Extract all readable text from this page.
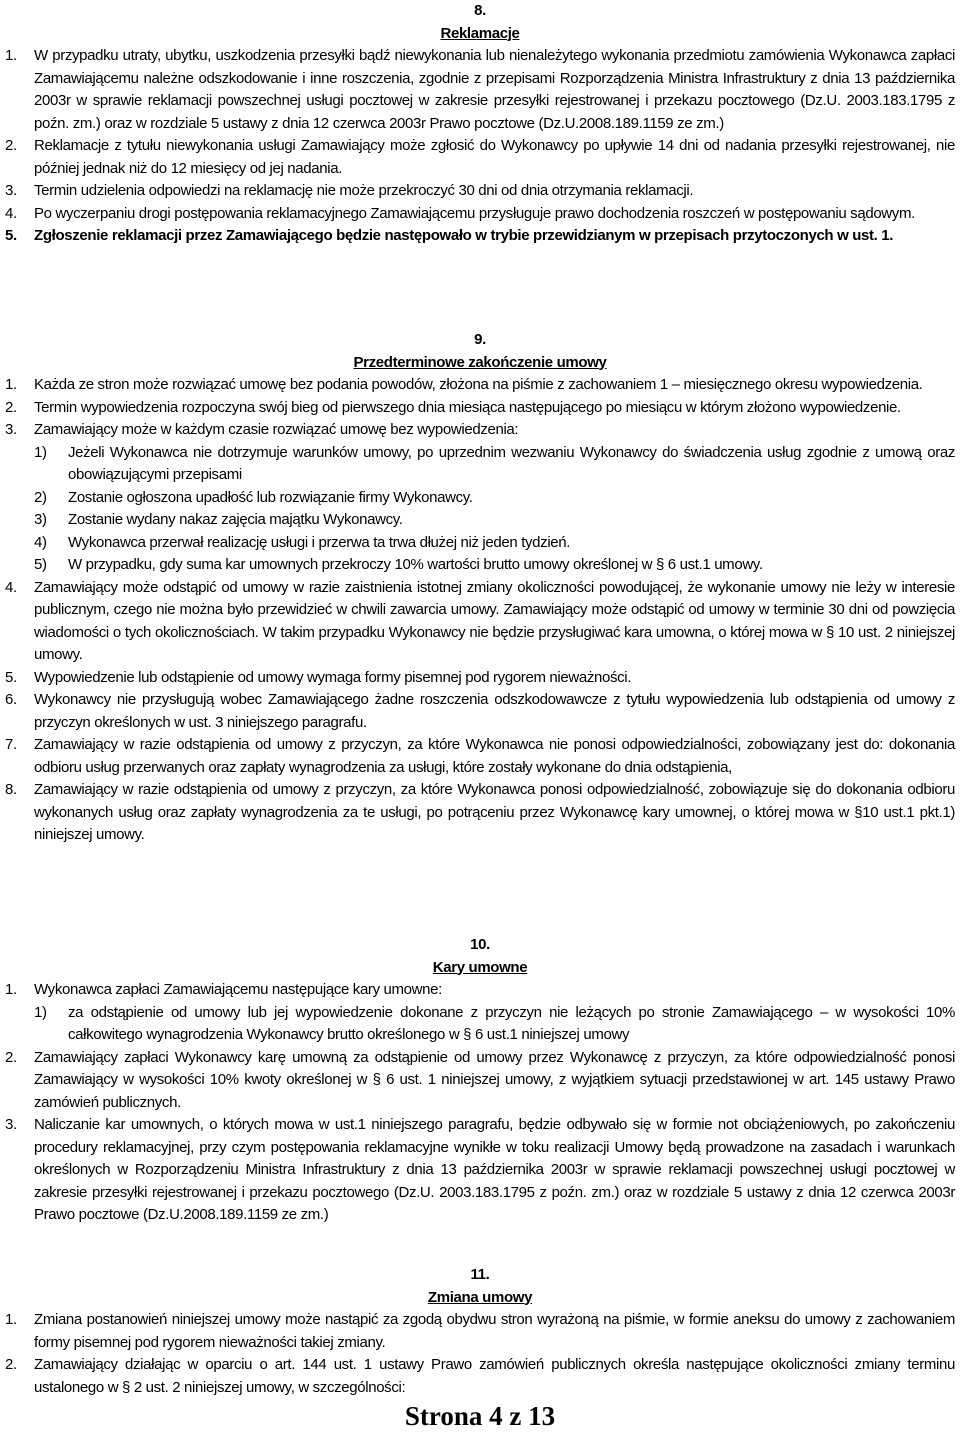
8.
Reklamacje
1. W przypadku utraty, ubytku, uszkodzenia przesyłki bądź niewykonania lub nienależytego wykonania przedmiotu zamówienia Wykonawca zapłaci Zamawiającemu należne odszkodowanie i inne roszczenia, zgodnie z przepisami Rozporządzenia Ministra Infrastruktury z dnia 13 października 2003r w sprawie reklamacji powszechnej usługi pocztowej w zakresie przesyłki rejestrowanej i przekazu pocztowego (Dz.U. 2003.183.1795 z poźn. zm.) oraz w rozdziale 5 ustawy z dnia 12 czerwca 2003r Prawo pocztowe (Dz.U.2008.189.1159 ze zm.)
2. Reklamacje z tytułu niewykonania usługi Zamawiający może zgłosić do Wykonawcy po upływie 14 dni od nadania przesyłki rejestrowanej, nie później jednak niż do 12 miesięcy od jej nadania.
3. Termin udzielenia odpowiedzi na reklamację nie może przekroczyć 30 dni od dnia otrzymania reklamacji.
4. Po wyczerpaniu drogi postępowania reklamacyjnego Zamawiającemu przysługuje prawo dochodzenia roszczeń w postępowaniu sądowym.
5. Zgłoszenie reklamacji przez Zamawiającego będzie następowało w trybie przewidzianym w przepisach przytoczonych w ust. 1.
9.
Przedterminowe zakończenie umowy
1. Każda ze stron może rozwiązać umowę bez podania powodów, złożona na piśmie z zachowaniem 1 – miesięcznego okresu wypowiedzenia.
2. Termin wypowiedzenia rozpoczyna swój bieg od pierwszego dnia miesiąca następującego po miesiącu w którym złożono wypowiedzenie.
3. Zamawiający może w każdym czasie rozwiązać umowę bez wypowiedzenia:
1) Jeżeli Wykonawca nie dotrzymuje warunków umowy, po uprzednim wezwaniu Wykonawcy do świadczenia usług zgodnie z umową oraz obowiązującymi przepisami
2) Zostanie ogłoszona upadłość lub rozwiązanie firmy Wykonawcy.
3) Zostanie wydany nakaz zajęcia majątku Wykonawcy.
4) Wykonawca przerwał realizację usługi i przerwa ta trwa dłużej niż jeden tydzień.
5) W przypadku, gdy suma kar umownych przekroczy 10% wartości brutto umowy określonej w § 6 ust.1 umowy.
4. Zamawiający może odstąpić od umowy w razie zaistnienia istotnej zmiany okoliczności powodującej, że wykonanie umowy nie leży w interesie publicznym, czego nie można było przewidzieć w chwili zawarcia umowy. Zamawiający może odstąpić od umowy w terminie 30 dni od powzięcia wiadomości o tych okolicznościach. W takim przypadku Wykonawcy nie będzie przysługiwać kara umowna, o której mowa w § 10 ust. 2 niniejszej umowy.
5. Wypowiedzenie lub odstąpienie od umowy wymaga formy pisemnej pod rygorem nieważności.
6. Wykonawcy nie przysługują wobec Zamawiającego żadne roszczenia odszkodowawcze z tytułu wypowiedzenia lub odstąpienia od umowy z przyczyn określonych w ust. 3 niniejszego paragrafu.
7. Zamawiający w razie odstąpienia od umowy z przyczyn, za które Wykonawca nie ponosi odpowiedzialności, zobowiązany jest do: dokonania odbioru usług przerwanych oraz zapłaty wynagrodzenia za usługi, które zostały wykonane do dnia odstąpienia,
8. Zamawiający w razie odstąpienia od umowy z przyczyn, za które Wykonawca ponosi odpowiedzialność, zobowiązuje się do dokonania odbioru wykonanych usług oraz zapłaty wynagrodzenia za te usługi, po potrąceniu przez Wykonawcę kary umownej, o której mowa w §10 ust.1 pkt.1) niniejszej umowy.
10.
Kary umowne
1. Wykonawca zapłaci Zamawiającemu następujące kary umowne:
1) za odstąpienie od umowy lub jej wypowiedzenie dokonane z przyczyn nie leżących po stronie Zamawiającego – w wysokości 10% całkowitego wynagrodzenia Wykonawcy brutto określonego w § 6 ust.1 niniejszej umowy
2. Zamawiający zapłaci Wykonawcy karę umowną za odstąpienie od umowy przez Wykonawcę z przyczyn, za które odpowiedzialność ponosi Zamawiający w wysokości 10% kwoty określonej w § 6 ust. 1 niniejszej umowy, z wyjątkiem sytuacji przedstawionej w art. 145 ustawy Prawo zamówień publicznych.
3. Naliczanie kar umownych, o których mowa w ust.1 niniejszego paragrafu, będzie odbywało się w formie not obciążeniowych, po zakończeniu procedury reklamacyjnej, przy czym postępowania reklamacyjne wynikłe w toku realizacji Umowy będą prowadzone na zasadach i warunkach określonych w Rozporządzeniu Ministra Infrastruktury z dnia 13 października 2003r w sprawie reklamacji powszechnej usługi pocztowej w zakresie przesyłki rejestrowanej i przekazu pocztowego (Dz.U. 2003.183.1795 z poźn. zm.) oraz w rozdziale 5 ustawy z dnia 12 czerwca 2003r Prawo pocztowe (Dz.U.2008.189.1159 ze zm.)
11.
Zmiana umowy
1. Zmiana postanowień niniejszej umowy może nastąpić za zgodą obydwu stron wyrażoną na piśmie, w formie aneksu do umowy z zachowaniem formy pisemnej pod rygorem nieważności takiej zmiany.
2. Zamawiający działając w oparciu o art. 144 ust. 1 ustawy Prawo zamówień publicznych określa następujące okoliczności zmiany terminu ustalonego w § 2 ust. 2 niniejszej umowy, w szczególności:
Strona 4 z 13
